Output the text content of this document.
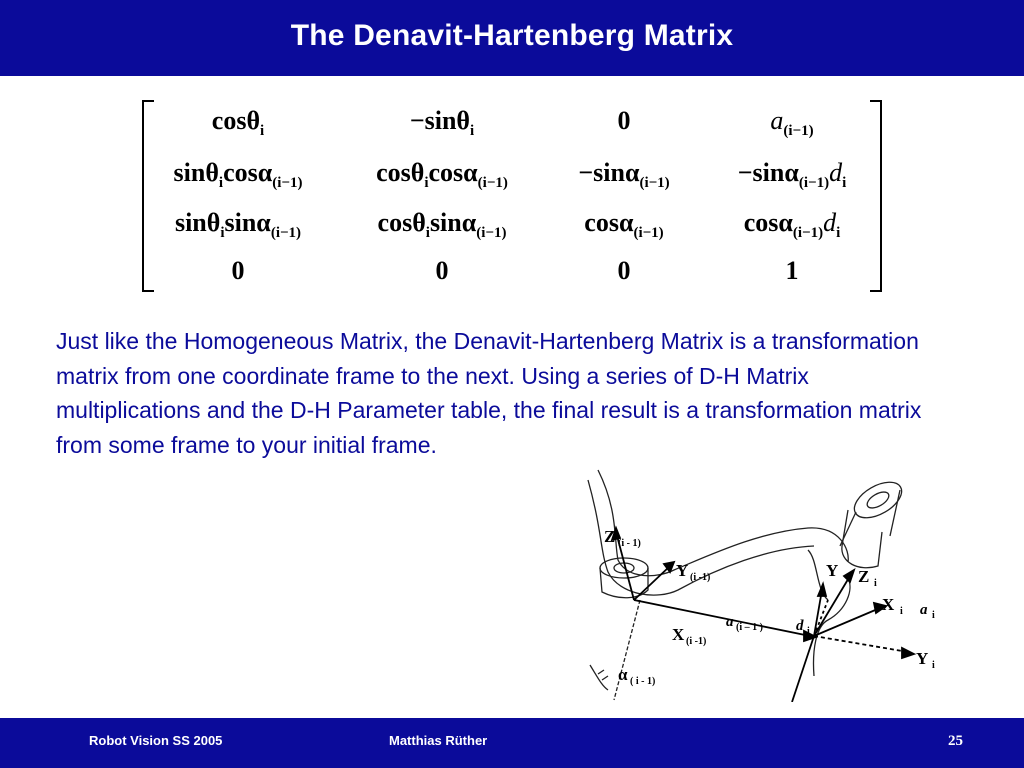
The Denavit-Hartenberg Matrix
cosθ$_i$	−sinθ$_i$	0	$a_{(i-1)}$
sinθ$_i$cosα$_{(i-1)}$	cosθ$_i$cosα$_{(i-1)}$	−sinα$_{(i-1)}$	$-\sin\alpha_{(i-1)}d_i$
sinθ$_i$sinα$_{(i-1)}$	cosθ$_i$sinα$_{(i-1)}$	cosα$_{(i-1)}$	$\cos\alpha_{(i-1)}d_i$
0	0	0	1

Just like the Homogeneous Matrix, the Denavit-Hartenberg Matrix is a transformation matrix from one coordinate frame to the next. Using a series of D-H Matrix multiplications and the D-H Parameter table, the final result is a transformation matrix from some frame to your initial frame.

Z (i - 1)
Y (i -1)
X (i -1)
a (i – 1 )
α ( i - 1)
d i
Y Z i
X i a i
Y i
Robot Vision SS 2005	Matthias Rüther	25
